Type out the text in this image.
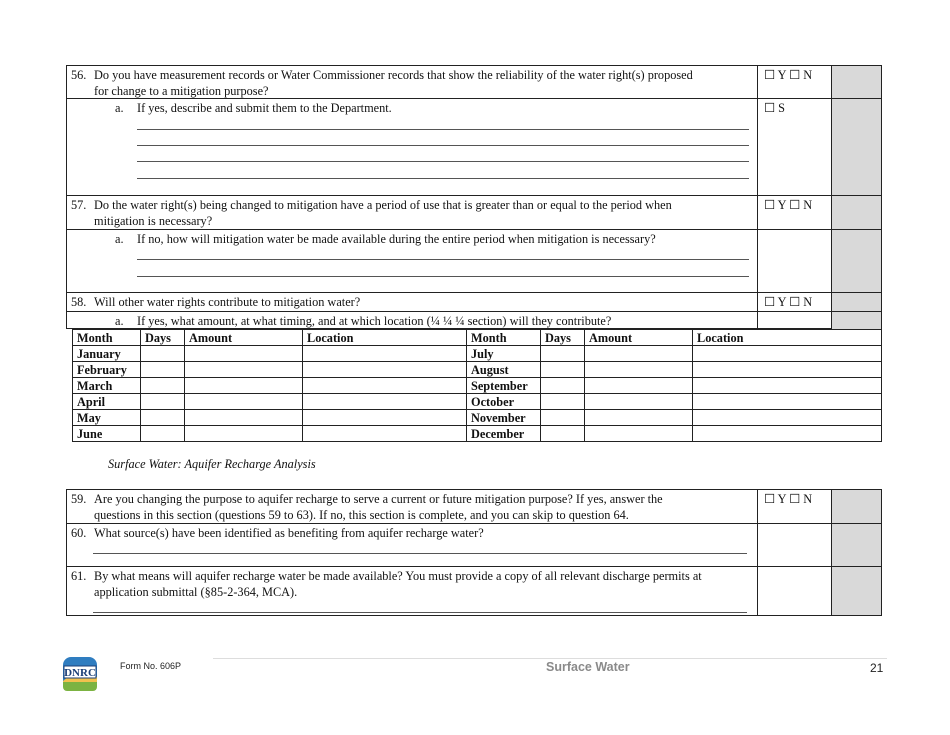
56. Do you have measurement records or Water Commissioner records that show the reliability of the water right(s) proposed
for change to a mitigation purpose?
☐ Y ☐ N
a. If yes, describe and submit them to the Department.	☐ S
57. Do the water right(s) being changed to mitigation have a period of use that is greater than or equal to the period when
mitigation is necessary?
☐ Y ☐ N
a. If no, how will mitigation water be made available during the entire period when mitigation is necessary?
58. Will other water rights contribute to mitigation water?	☐ Y ☐ N
a. If yes, what amount, at what timing, and at which location (¼ ¼ ¼ section) will they contribute?
Month	Days	Amount	Location	Month	Days	Amount	Location
January				July			
February				August			
March				September			
April				October			
May				November			
June				December			
Surface Water: Aquifer Recharge Analysis
59. Are you changing the purpose to aquifer recharge to serve a current or future mitigation purpose? If yes, answer the
questions in this section (questions 59 to 63). If no, this section is complete, and you can skip to question 64.
☐ Y ☐ N
60. What source(s) have been identified as benefiting from aquifer recharge water?
61. By what means will aquifer recharge water be made available? You must provide a copy of all relevant discharge permits at
application submittal (§85-2-364, MCA).
DNRC
Form No. 606P	Surface Water	21
